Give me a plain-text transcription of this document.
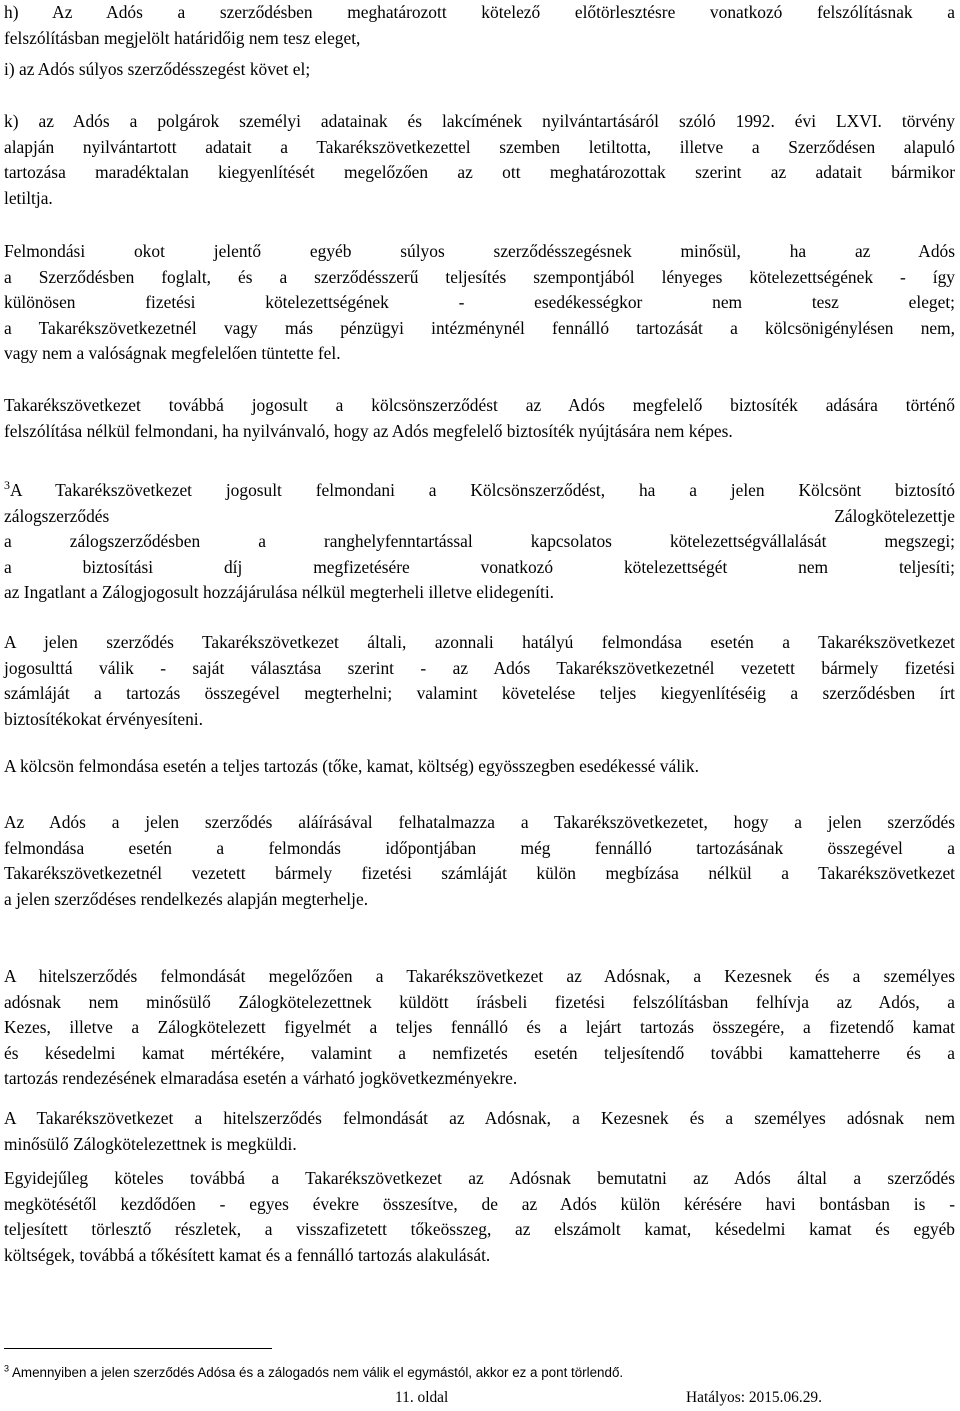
h) Az Adós a szerződésben meghatározott kötelező előtörlesztésre vonatkozó felszólításnak a
felszólításban megjelölt határidőig nem tesz eleget,
i) az Adós súlyos szerződésszegést követ el;
k) az Adós a polgárok személyi adatainak és lakcímének nyilvántartásáról szóló 1992. évi LXVI. törvény
alapján nyilvántartott adatait a Takarékszövetkezettel szemben letiltotta, illetve a Szerződésen alapuló
tartozása maradéktalan kiegyenlítését megelőzően az ott meghatározottak szerint az adatait bármikor
letiltja.
Felmondási okot jelentő egyéb súlyos szerződésszegésnek minősül, ha az Adós
a Szerződésben foglalt, és a szerződésszerű teljesítés szempontjából lényeges kötelezettségének - így
különösen fizetési kötelezettségének - esedékességkor nem tesz eleget;
a Takarékszövetkezetnél vagy más pénzügyi intézménynél fennálló tartozását a kölcsönigénylésen nem,
vagy nem a valóságnak megfelelően tüntette fel.
Takarékszövetkezet továbbá jogosult a kölcsönszerződést az Adós megfelelő biztosíték adására történő
felszólítása nélkül felmondani, ha nyilvánvaló, hogy az Adós megfelelő biztosíték nyújtására nem képes.
$^3$A Takarékszövetkezet jogosult felmondani a Kölcsönszerződést, ha a jelen Kölcsönt biztosító
zálogszerződés Zálogkötelezettje
a zálogszerződésben a ranghelyfenntartással kapcsolatos kötelezettségvállalását megszegi;
a biztosítási díj megfizetésére vonatkozó kötelezettségét nem teljesíti;
az Ingatlant a Zálogjogosult hozzájárulása nélkül megterheli illetve elidegeníti.
A jelen szerződés Takarékszövetkezet általi, azonnali hatályú felmondása esetén a Takarékszövetkezet
jogosulttá válik - saját választása szerint - az Adós Takarékszövetkezetnél vezetett bármely fizetési
számláját a tartozás összegével megterhelni; valamint követelése teljes kiegyenlítéséig a szerződésben írt
biztosítékokat érvényesíteni.
A kölcsön felmondása esetén a teljes tartozás (tőke, kamat, költség) egyösszegben esedékessé válik.
Az Adós a jelen szerződés aláírásával felhatalmazza a Takarékszövetkezetet, hogy a jelen szerződés
felmondása esetén a felmondás időpontjában még fennálló tartozásának összegével a
Takarékszövetkezetnél vezetett bármely fizetési számláját külön megbízása nélkül a Takarékszövetkezet
a jelen szerződéses rendelkezés alapján megterhelje.
A hitelszerződés felmondását megelőzően a Takarékszövetkezet az Adósnak, a Kezesnek és a személyes
adósnak nem minősülő Zálogkötelezettnek küldött írásbeli fizetési felszólításban felhívja az Adós, a
Kezes, illetve a Zálogkötelezett figyelmét a teljes fennálló és a lejárt tartozás összegére, a fizetendő kamat
és késedelmi kamat mértékére, valamint a nemfizetés esetén teljesítendő további kamatteherre és a
tartozás rendezésének elmaradása esetén a várható jogkövetkezményekre.
A Takarékszövetkezet a hitelszerződés felmondását az Adósnak, a Kezesnek és a személyes adósnak nem
minősülő Zálogkötelezettnek is megküldi.
Egyidejűleg köteles továbbá a Takarékszövetkezet az Adósnak bemutatni az Adós által a szerződés
megkötésétől kezdődően - egyes évekre összesítve, de az Adós külön kérésére havi bontásban is -
teljesített törlesztő részletek, a visszafizetett tőkeösszeg, az elszámolt kamat, késedelmi kamat és egyéb
költségek, továbbá a tőkésített kamat és a fennálló tartozás alakulását.
$^3$ Amennyiben a jelen szerződés Adósa és a zálogadós nem válik el egymástól, akkor ez a pont törlendő.
11. oldal	Hatályos: 2015.06.29.
